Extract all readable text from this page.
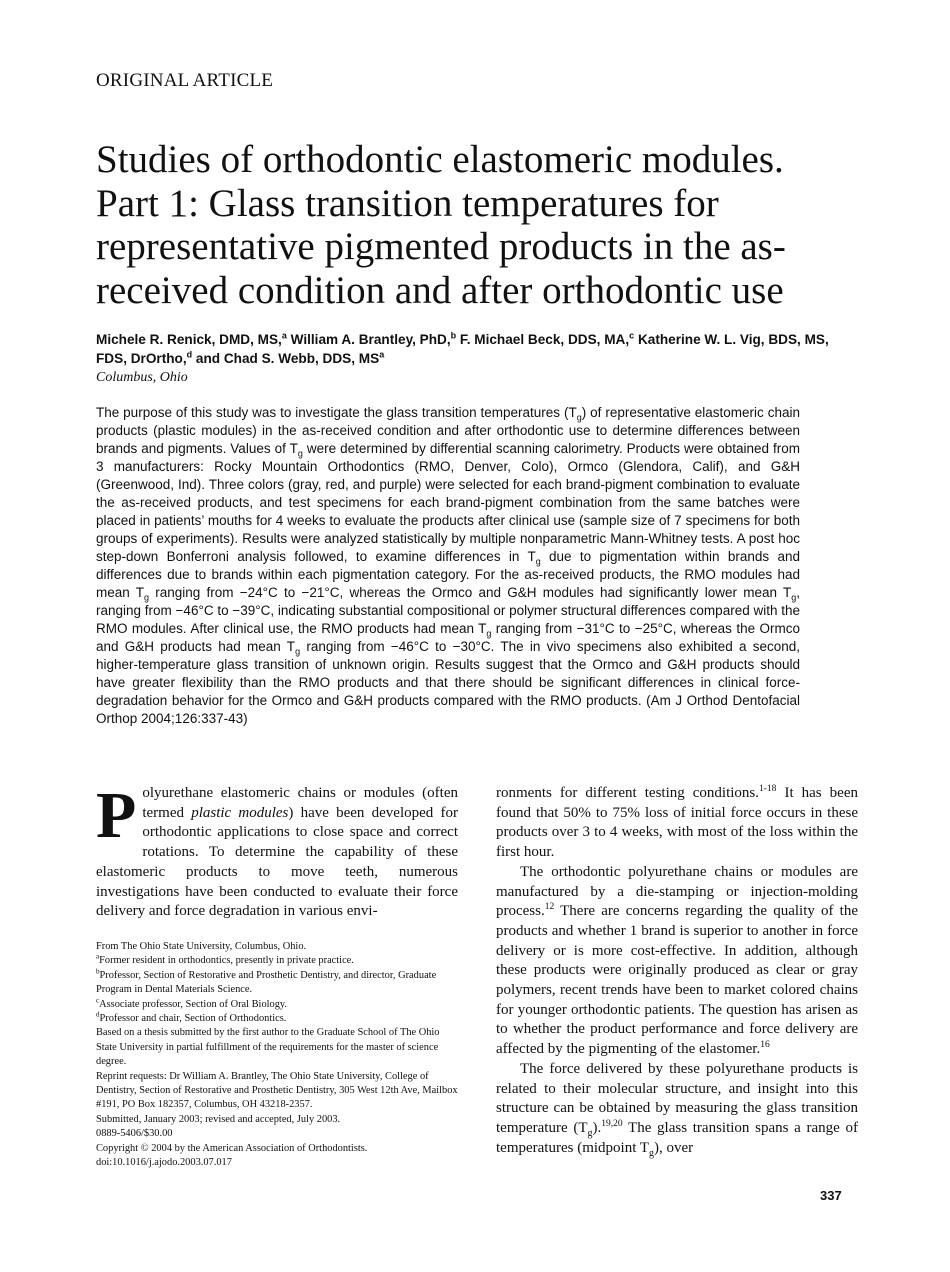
ORIGINAL ARTICLE
Studies of orthodontic elastomeric modules. Part 1: Glass transition temperatures for representative pigmented products in the as-received condition and after orthodontic use
Michele R. Renick, DMD, MS,$^a$ William A. Brantley, PhD,$^b$ F. Michael Beck, DDS, MA,$^c$ Katherine W. L. Vig, BDS, MS, FDS, DrOrtho,$^d$ and Chad S. Webb, DDS, $MS^a$
Columbus, Ohio
The purpose of this study was to investigate the glass transition temperatures $(T_g)$ of representative elastomeric chain products (plastic modules) in the as-received condition and after orthodontic use to determine differences between brands and pigments. Values of $T_g$ were determined by differential scanning calorimetry. Products were obtained from 3 manufacturers: Rocky Mountain Orthodontics (RMO, Denver, Colo), Ormco (Glendora, Calif), and G&H (Greenwood, Ind). Three colors (gray, red, and purple) were selected for each brand-pigment combination to evaluate the as-received products, and test specimens for each brand-pigment combination from the same batches were placed in patients’ mouths for 4 weeks to evaluate the products after clinical use (sample size of 7 specimens for both groups of experiments). Results were analyzed statistically by multiple nonparametric Mann-Whitney tests. A post hoc step-down Bonferroni analysis followed, to examine differences in $T_g$ due to pigmentation within brands and differences due to brands within each pigmentation category. For the as-received products, the RMO modules had mean $T_g$ ranging from −24°C to −21°C, whereas the Ormco and G&H modules had significantly lower mean $T_g$, ranging from −46°C to −39°C, indicating substantial compositional or polymer structural differences compared with the RMO modules. After clinical use, the RMO products had mean $T_g$ ranging from −31°C to −25°C, whereas the Ormco and G&H products had mean $T_g$ ranging from −46°C to −30°C. The in vivo specimens also exhibited a second, higher-temperature glass transition of unknown origin. Results suggest that the Ormco and G&H products should have greater flexibility than the RMO products and that there should be significant differences in clinical force-degradation behavior for the Ormco and G&H products compared with the RMO products. (Am J Orthod Dentofacial Orthop 2004;126:337-43)

Polyurethane elastomeric chains or modules (often termed plastic modules) have been developed for orthodontic applications to close space and correct rotations. To determine the capability of these elastomeric products to move teeth, numerous investigations have been conducted to evaluate their force delivery and force degradation in various envi-

From The Ohio State University, Columbus, Ohio.
$^a$Former resident in orthodontics, presently in private practice.
$^b$Professor, Section of Restorative and Prosthetic Dentistry, and director, Graduate Program in Dental Materials Science.
$^c$Associate professor, Section of Oral Biology.
$^d$Professor and chair, Section of Orthodontics.
Based on a thesis submitted by the first author to the Graduate School of The Ohio State University in partial fulfillment of the requirements for the master of science degree.
Reprint requests: Dr William A. Brantley, The Ohio State University, College of Dentistry, Section of Restorative and Prosthetic Dentistry, 305 West 12th Ave, Mailbox #191, PO Box 182357, Columbus, OH 43218-2357.
Submitted, January 2003; revised and accepted, July 2003.
0889-5406/$30.00
Copyright © 2004 by the American Association of Orthodontists.
doi:10.1016/j.ajodo.2003.07.017

ronments for different testing conditions.$^{1-18}$ It has been found that 50% to 75% loss of initial force occurs in these products over 3 to 4 weeks, with most of the loss within the first hour.

The orthodontic polyurethane chains or modules are manufactured by a die-stamping or injection-molding process.$^{12}$ There are concerns regarding the quality of the products and whether 1 brand is superior to another in force delivery or is more cost-effective. In addition, although these products were originally produced as clear or gray polymers, recent trends have been to market colored chains for younger orthodontic patients. The question has arisen as to whether the product performance and force delivery are affected by the pigmenting of the elastomer.$^{16}$

The force delivered by these polyurethane products is related to their molecular structure, and insight into this structure can be obtained by measuring the glass transition temperature $(T_g).^{19,20}$ The glass transition spans a range of temperatures (midpoint $T_g$), over

337
